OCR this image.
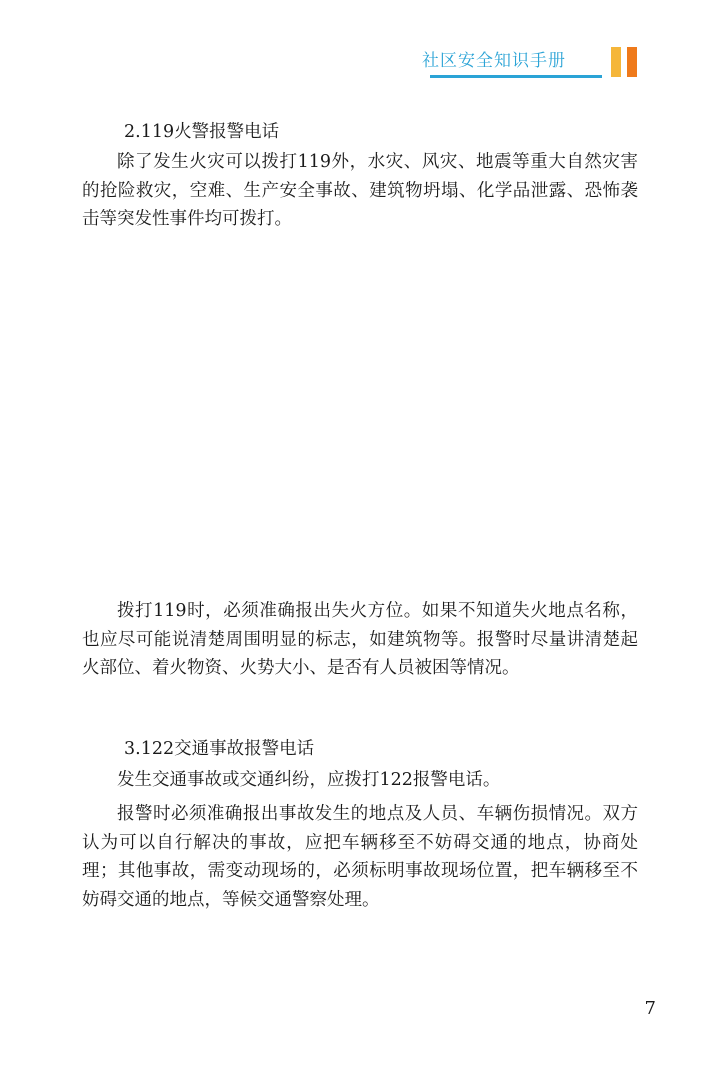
社区安全知识手册

2.119火警报警电话

除了发生火灾可以拨打119外，水灾、风灾、地震等重大自然灾害的抢险救灾，空难、生产安全事故、建筑物坍塌、化学品泄露、恐怖袭击等突发性事件均可拨打。

拨打119时，必须准确报出失火方位。如果不知道失火地点名称，也应尽可能说清楚周围明显的标志，如建筑物等。报警时尽量讲清楚起火部位、着火物资、火势大小、是否有人员被困等情况。

3.122交通事故报警电话

发生交通事故或交通纠纷，应拨打122报警电话。

报警时必须准确报出事故发生的地点及人员、车辆伤损情况。双方认为可以自行解决的事故，应把车辆移至不妨碍交通的地点，协商处理；其他事故，需变动现场的，必须标明事故现场位置，把车辆移至不妨碍交通的地点，等候交通警察处理。

7
